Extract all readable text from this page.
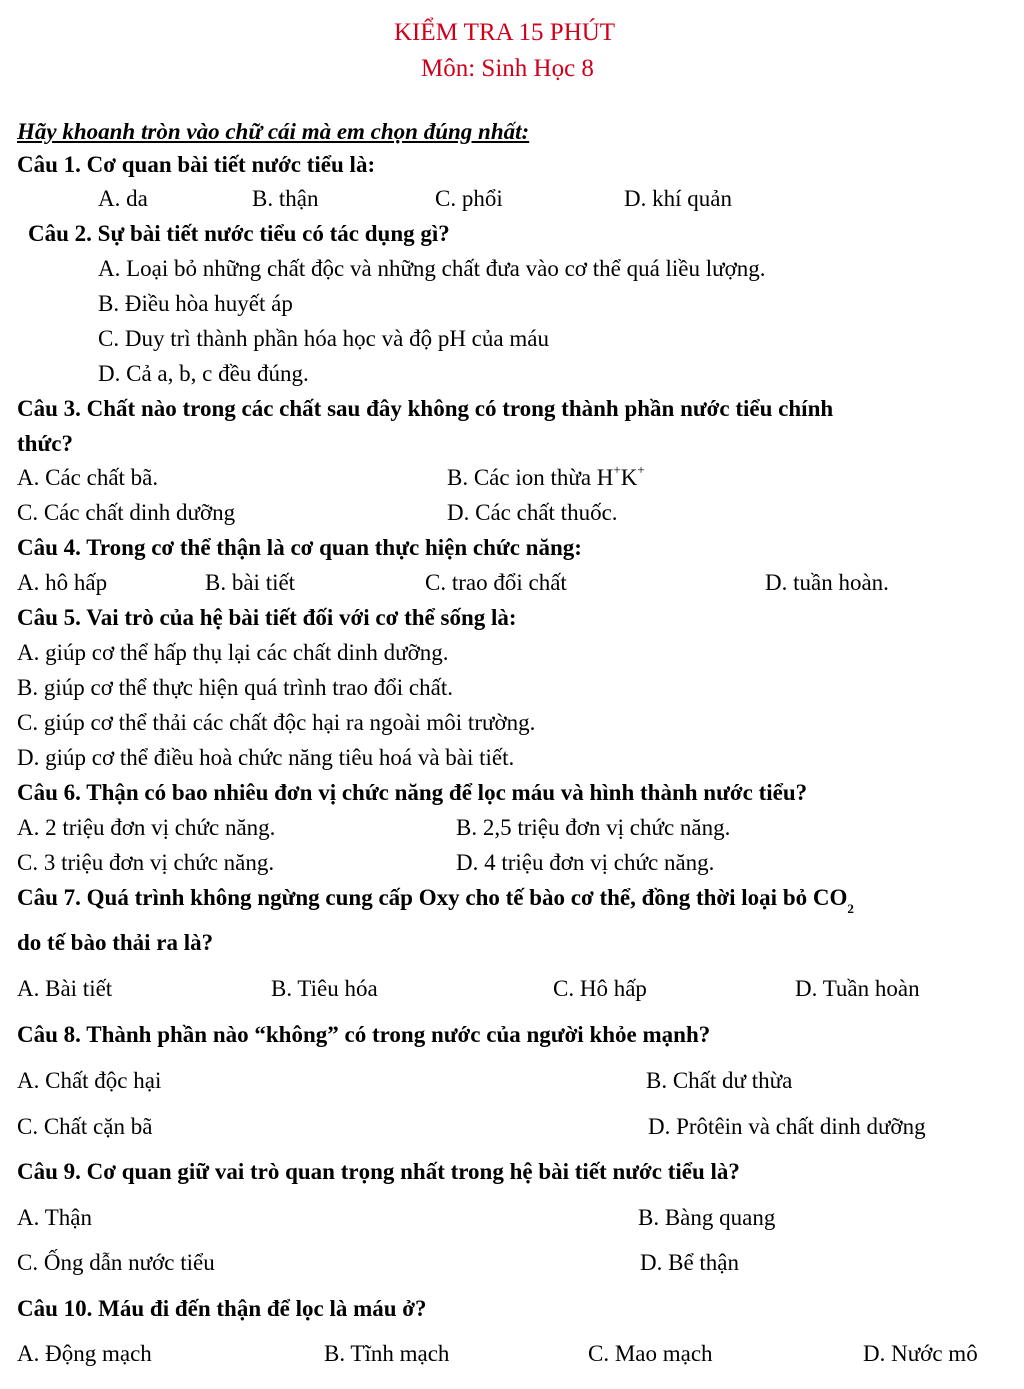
KIỂM TRA 15 PHÚT
Môn: Sinh Học 8
Hãy khoanh tròn vào chữ cái mà em chọn đúng nhất:
Câu 1. Cơ quan bài tiết nước tiểu là:
A. da	B. thận	C. phổi	D. khí quản
Câu 2. Sự bài tiết nước tiểu có tác dụng gì?
A. Loại bỏ những chất độc và những chất đưa vào cơ thể quá liều lượng.
B. Điều hòa huyết áp
C. Duy trì thành phần hóa học và độ pH của máu
D. Cả a, b, c đều đúng.
Câu 3. Chất nào trong các chất sau đây không có trong thành phần nước tiểu chính
thức?
A. Các chất bã.	B. Các ion thừa H+K+
C. Các chất dinh dưỡng	D. Các chất thuốc.
Câu 4. Trong cơ thể thận là cơ quan thực hiện chức năng:
A. hô hấp	B. bài tiết	C. trao đổi chất	D. tuần hoàn.
Câu 5. Vai trò của hệ bài tiết đối với cơ thể sống là:
A. giúp cơ thể hấp thụ lại các chất dinh dưỡng.
B. giúp cơ thể thực hiện quá trình trao đổi chất.
C. giúp cơ thể thải các chất độc hại ra ngoài môi trường.
D. giúp cơ thể điều hoà chức năng tiêu hoá và bài tiết.
Câu 6. Thận có bao nhiêu đơn vị chức năng để lọc máu và hình thành nước tiểu?
A. 2 triệu đơn vị chức năng.	B. 2,5 triệu đơn vị chức năng.
C. 3 triệu đơn vị chức năng.	D. 4 triệu đơn vị chức năng.
Câu 7. Quá trình không ngừng cung cấp Oxy cho tế bào cơ thể, đồng thời loại bỏ $CO_2$
do tế bào thải ra là?
A. Bài tiết	B. Tiêu hóa	C. Hô hấp	D. Tuần hoàn
Câu 8. Thành phần nào “không” có trong nước của người khỏe mạnh?
A. Chất độc hại	B. Chất dư thừa
C. Chất cặn bã	D. Prôtêin và chất dinh dưỡng
Câu 9. Cơ quan giữ vai trò quan trọng nhất trong hệ bài tiết nước tiểu là?
A. Thận	B. Bàng quang
C. Ống dẫn nước tiểu	D. Bể thận
Câu 10. Máu đi đến thận để lọc là máu ở?
A. Động mạch	B. Tĩnh mạch	C. Mao mạch	D. Nước mô
